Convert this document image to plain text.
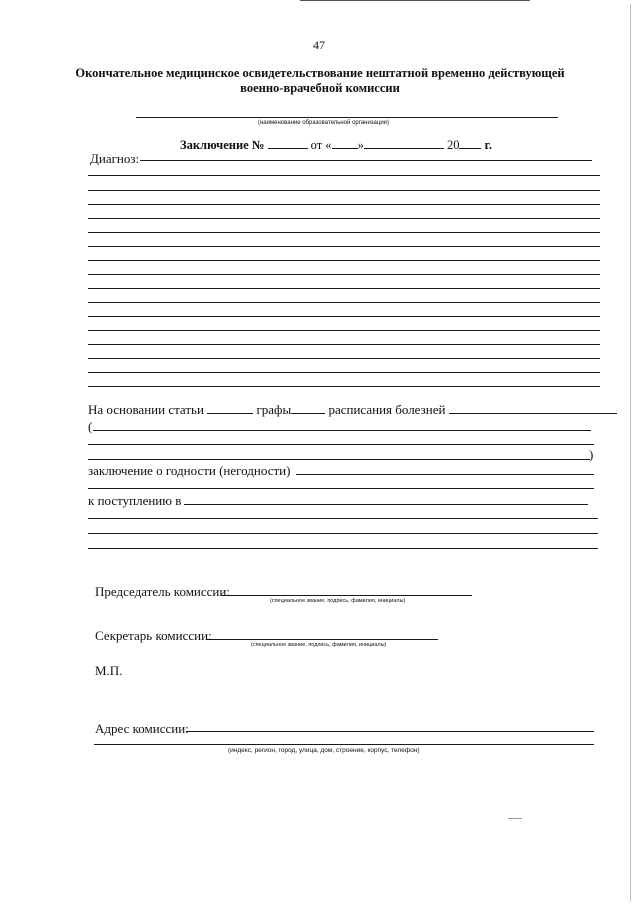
47
Окончательное медицинское освидетельствование нештатной временно действующей
военно-врачебной комиссии
(наименование образовательной организации)
Заключение №	от « »	20 г.
Диагноз:
На основании статьи	графы	расписания болезней
(
)
заключение о годности (негодности)
к поступлению в
Председатель комиссии:
(специальное звание, подпись, фамилия, инициалы)
Секретарь комиссии:
(специальное звание, подпись, фамилия, инициалы)
М.П.
Адрес комиссии:
(индекс, регион, город, улица, дом, строение, корпус, телефон)
